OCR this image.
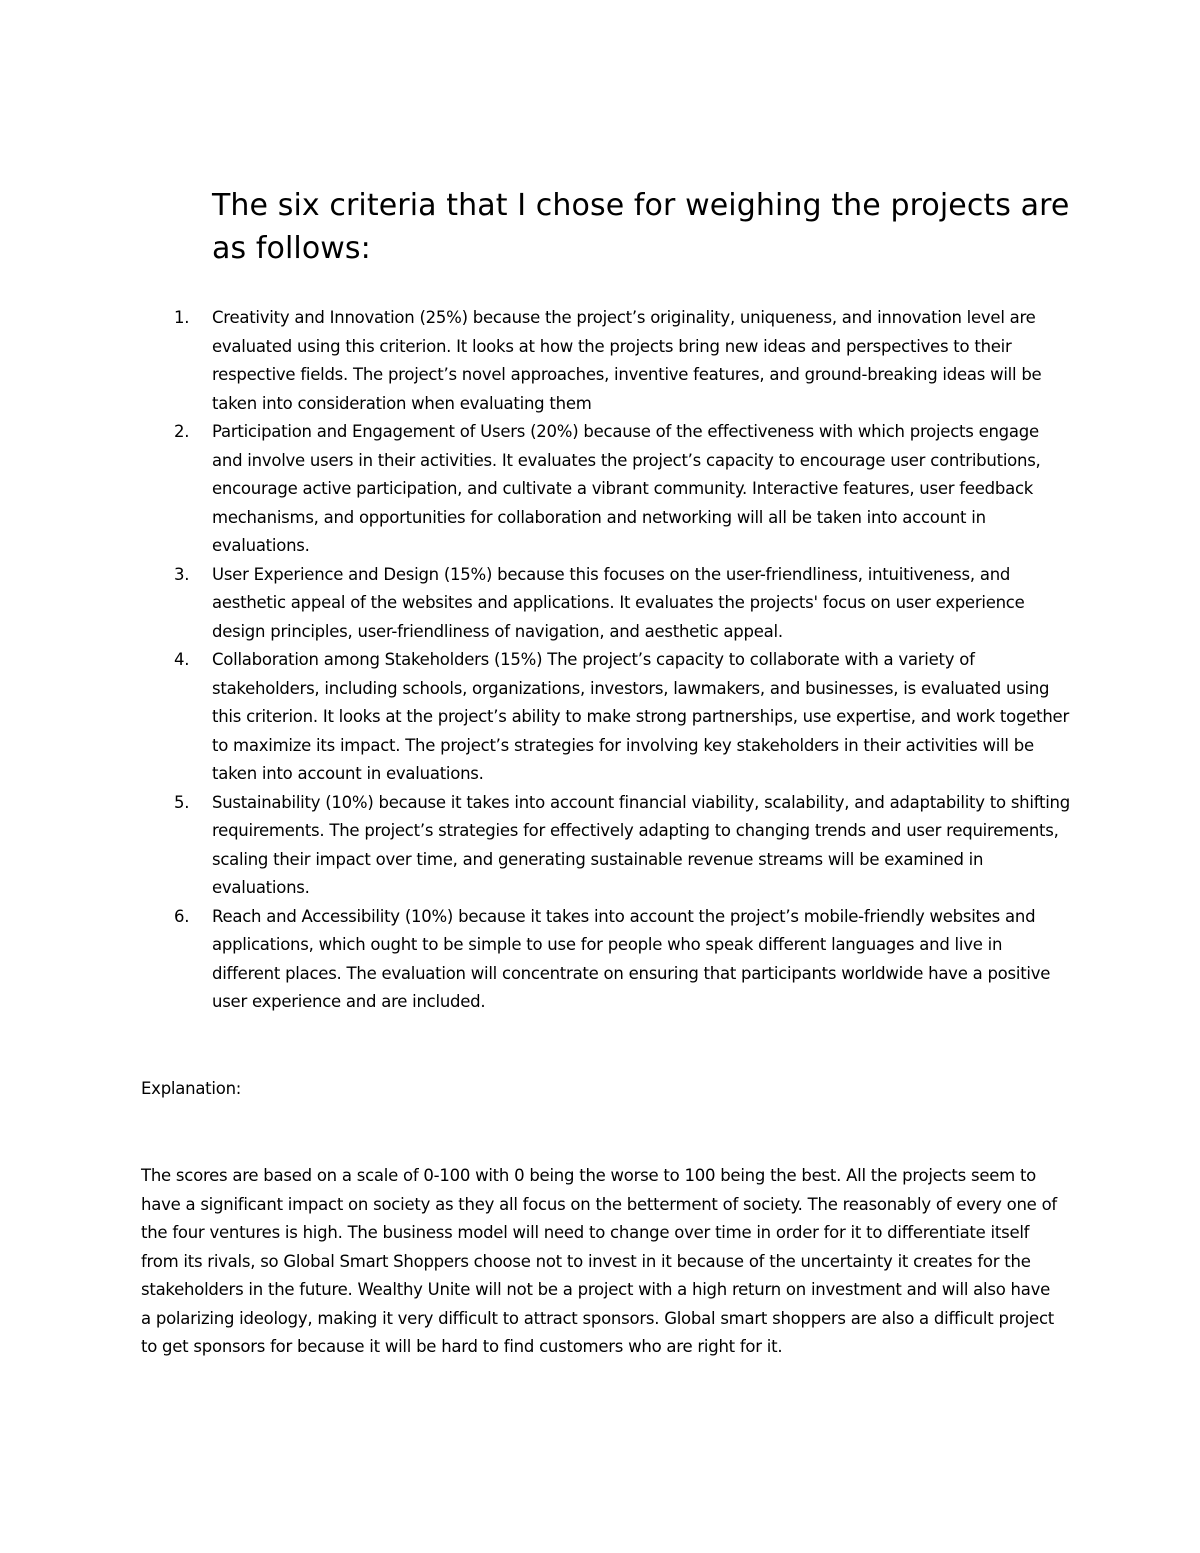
The six criteria that I chose for weighing the projects are as follows:
1. Creativity and Innovation (25%) because the project’s originality, uniqueness, and innovation level are evaluated using this criterion. It looks at how the projects bring new ideas and perspectives to their respective fields. The project’s novel approaches, inventive features, and ground-breaking ideas will be taken into consideration when evaluating them
2. Participation and Engagement of Users (20%) because of the effectiveness with which projects engage and involve users in their activities. It evaluates the project’s capacity to encourage user contributions, encourage active participation, and cultivate a vibrant community. Interactive features, user feedback mechanisms, and opportunities for collaboration and networking will all be taken into account in evaluations.
3. User Experience and Design (15%) because this focuses on the user-friendliness, intuitiveness, and aesthetic appeal of the websites and applications. It evaluates the projects' focus on user experience design principles, user-friendliness of navigation, and aesthetic appeal.
4. Collaboration among Stakeholders (15%) The project’s capacity to collaborate with a variety of stakeholders, including schools, organizations, investors, lawmakers, and businesses, is evaluated using this criterion. It looks at the project’s ability to make strong partnerships, use expertise, and work together to maximize its impact. The project’s strategies for involving key stakeholders in their activities will be taken into account in evaluations.
5. Sustainability (10%) because it takes into account financial viability, scalability, and adaptability to shifting requirements. The project’s strategies for effectively adapting to changing trends and user requirements, scaling their impact over time, and generating sustainable revenue streams will be examined in evaluations.
6. Reach and Accessibility (10%) because it takes into account the project’s mobile-friendly websites and applications, which ought to be simple to use for people who speak different languages and live in different places. The evaluation will concentrate on ensuring that participants worldwide have a positive user experience and are included.

Explanation:

The scores are based on a scale of 0-100 with 0 being the worse to 100 being the best. All the projects seem to have a significant impact on society as they all focus on the betterment of society. The reasonably of every one of the four ventures is high. The business model will need to change over time in order for it to differentiate itself from its rivals, so Global Smart Shoppers choose not to invest in it because of the uncertainty it creates for the stakeholders in the future. Wealthy Unite will not be a project with a high return on investment and will also have a polarizing ideology, making it very difficult to attract sponsors. Global smart shoppers are also a difficult project to get sponsors for because it will be hard to find customers who are right for it.
